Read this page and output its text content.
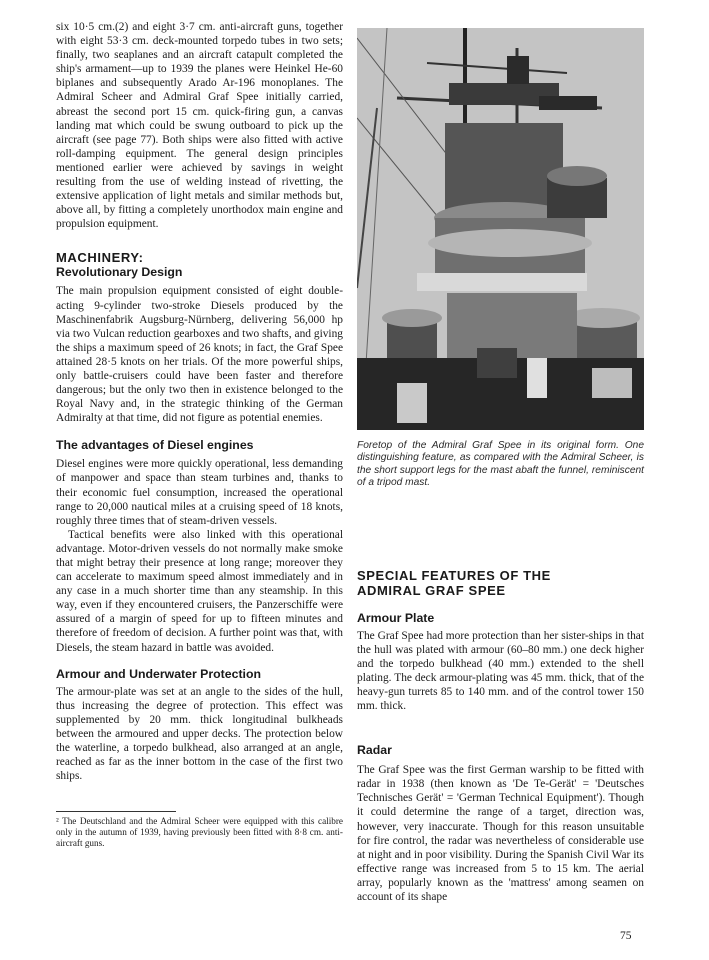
six 10·5 cm.(2) and eight 3·7 cm. anti-aircraft guns, together with eight 53·3 cm. deck-mounted torpedo tubes in two sets; finally, two seaplanes and an aircraft catapult completed the ship's armament—up to 1939 the planes were Heinkel He-60 biplanes and subsequently Arado Ar-196 monoplanes. The Admiral Scheer and Admiral Graf Spee initially carried, abreast the second port 15 cm. quick-firing gun, a canvas landing mat which could be swung outboard to pick up the aircraft (see page 77). Both ships were also fitted with active roll-damping equipment. The general design principles mentioned earlier were achieved by savings in weight resulting from the use of welding instead of rivetting, the extensive application of light metals and similar methods but, above all, by fitting a completely unorthodox main engine and propulsion equipment.

MACHINERY:
Revolutionary Design

The main propulsion equipment consisted of eight double-acting 9-cylinder two-stroke Diesels produced by the Maschinenfabrik Augsburg-Nürnberg, delivering 56,000 hp via two Vulcan reduction gearboxes and two shafts, and giving the ships a maximum speed of 26 knots; in fact, the Graf Spee attained 28·5 knots on her trials. Of the more powerful ships, only battle-cruisers could have been faster and therefore dangerous; but the only two then in existence belonged to the Royal Navy and, in the strategic thinking of the German Admiralty at that time, did not figure as potential enemies.

The advantages of Diesel engines

Diesel engines were more quickly operational, less demanding of manpower and space than steam turbines and, thanks to their economic fuel consumption, increased the operational range to 20,000 nautical miles at a cruising speed of 18 knots, roughly three times that of steam-driven vessels.

Tactical benefits were also linked with this operational advantage. Motor-driven vessels do not normally make smoke that might betray their presence at long range; moreover they can accelerate to maximum speed almost immediately and in any case in a much shorter time than any steamship. In this way, even if they encountered cruisers, the Panzerschiffe were assured of a margin of speed for up to fifteen minutes and therefore of freedom of decision. A further point was that, with Diesels, the steam hazard in battle was avoided.

Armour and Underwater Protection

The armour-plate was set at an angle to the sides of the hull, thus increasing the degree of protection. This effect was supplemented by 20 mm. thick longitudinal bulkheads between the armoured and upper decks. The protection below the waterline, a torpedo bulkhead, also arranged at an angle, reached as far as the inner bottom in the case of the first two ships.

² The Deutschland and the Admiral Scheer were equipped with this calibre only in the autumn of 1939, having previously been fitted with 8·8 cm. anti-aircraft guns.

Foretop of the Admiral Graf Spee in its original form. One distinguishing feature, as compared with the Admiral Scheer, is the short support legs for the mast abaft the funnel, reminiscent of a tripod mast.

SPECIAL FEATURES OF THE
ADMIRAL GRAF SPEE
Armour Plate

The Graf Spee had more protection than her sister-ships in that the hull was plated with armour (60–80 mm.) one deck higher and the torpedo bulkhead (40 mm.) extended to the shell plating. The deck armour-plating was 45 mm. thick, that of the heavy-gun turrets 85 to 140 mm. and of the control tower 150 mm. thick.

Radar

The Graf Spee was the first German warship to be fitted with radar in 1938 (then known as 'De Te-Gerät' = 'Deutsches Technisches Gerät' = 'German Technical Equipment'). Though it could determine the range of a target, direction was, however, very inaccurate. Though for this reason unsuitable for fire control, the radar was nevertheless of considerable use at night and in poor visibility. During the Spanish Civil War its effective range was increased from 5 to 15 km. The aerial array, popularly known as the 'mattress' among seamen on account of its shape

75
